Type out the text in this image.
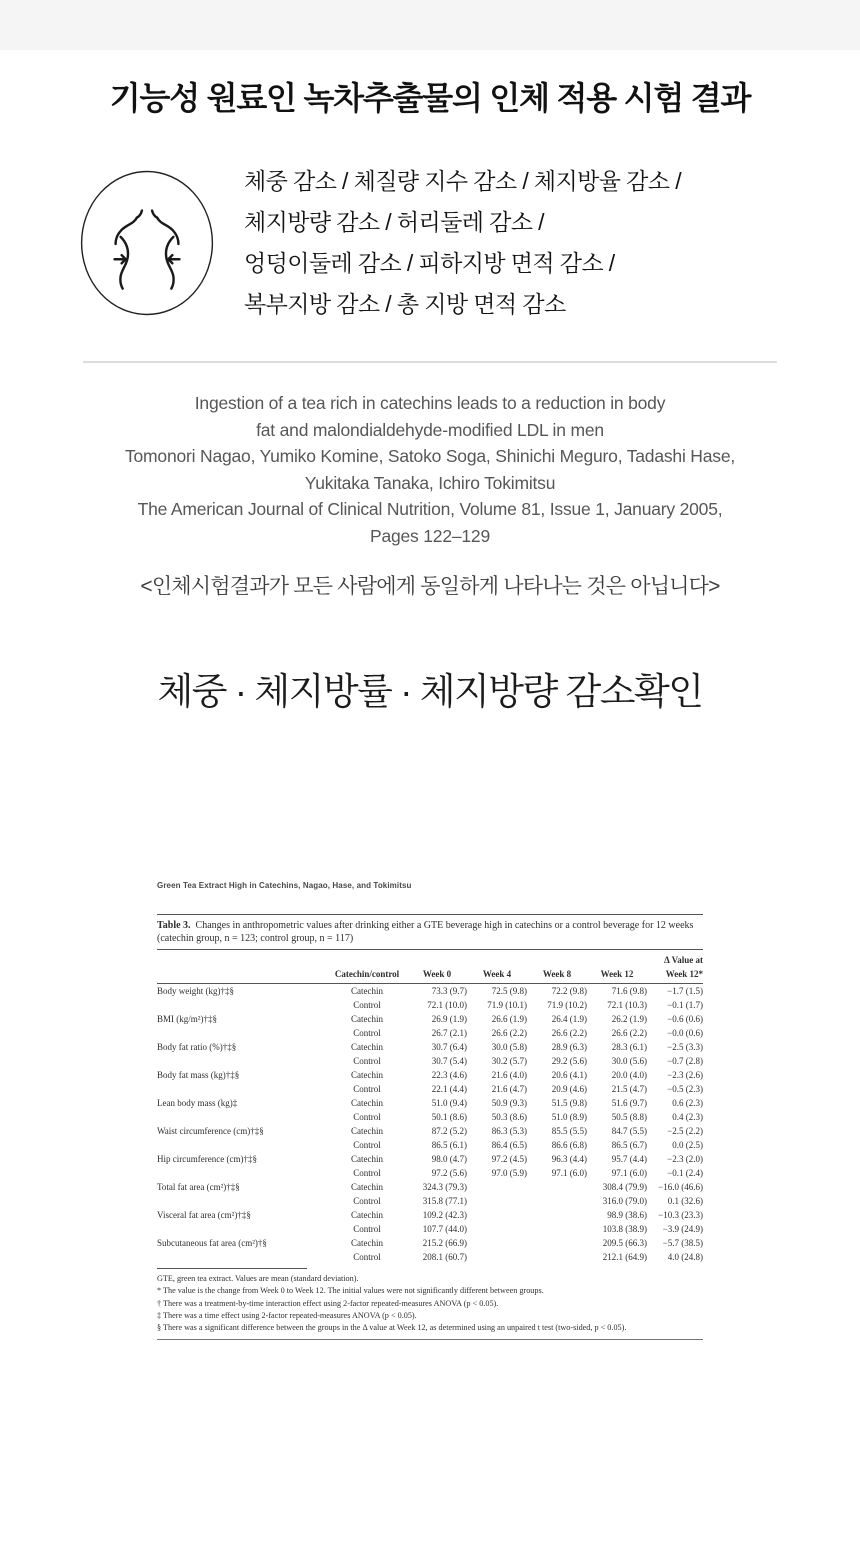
기능성 원료인 녹차추출물의 인체 적용 시험 결과
체중 감소 / 체질량 지수 감소 / 체지방율 감소 /
체지방량 감소 / 허리둘레 감소 /
엉덩이둘레 감소 / 피하지방 면적 감소 /
복부지방 감소 / 총 지방 면적 감소
Ingestion of a tea rich in catechins leads to a reduction in body
fat and malondialdehyde-modified LDL in men
Tomonori Nagao, Yumiko Komine, Satoko Soga, Shinichi Meguro, Tadashi Hase,
Yukitaka Tanaka, Ichiro Tokimitsu
The American Journal of Clinical Nutrition, Volume 81, Issue 1, January 2005,
Pages 122–129
<인체시험결과가 모든 사람에게 동일하게 나타나는 것은 아닙니다>
체중 · 체지방률 · 체지방량 감소확인
Green Tea Extract High in Catechins, Nagao, Hase, and Tokimitsu

Table 3. Changes in anthropometric values after drinking either a GTE beverage high in catechins or a control beverage for 12 weeks (catechin group, n = 123; control group, n = 117)

	Catechin/control	Week 0	Week 4	Week 8	Week 12	Δ Value at
Week 12*

Body weight (kg)†‡§	Catechin	73.3 (9.7)	72.5 (9.8)	72.2 (9.8)	71.6 (9.8)	−1.7 (1.5)
	Control	72.1 (10.0)	71.9 (10.1)	71.9 (10.2)	72.1 (10.3)	−0.1 (1.7)
BMI (kg/m²)†‡§	Catechin	26.9 (1.9)	26.6 (1.9)	26.4 (1.9)	26.2 (1.9)	−0.6 (0.6)
	Control	26.7 (2.1)	26.6 (2.2)	26.6 (2.2)	26.6 (2.2)	−0.0 (0.6)
Body fat ratio (%)†‡§	Catechin	30.7 (6.4)	30.0 (5.8)	28.9 (6.3)	28.3 (6.1)	−2.5 (3.3)
	Control	30.7 (5.4)	30.2 (5.7)	29.2 (5.6)	30.0 (5.6)	−0.7 (2.8)
Body fat mass (kg)†‡§	Catechin	22.3 (4.6)	21.6 (4.0)	20.6 (4.1)	20.0 (4.0)	−2.3 (2.6)
	Control	22.1 (4.4)	21.6 (4.7)	20.9 (4.6)	21.5 (4.7)	−0.5 (2.3)
Lean body mass (kg)‡	Catechin	51.0 (9.4)	50.9 (9.3)	51.5 (9.8)	51.6 (9.7)	0.6 (2.3)
	Control	50.1 (8.6)	50.3 (8.6)	51.0 (8.9)	50.5 (8.8)	0.4 (2.3)
Waist circumference (cm)†‡§	Catechin	87.2 (5.2)	86.3 (5.3)	85.5 (5.5)	84.7 (5.5)	−2.5 (2.2)
	Control	86.5 (6.1)	86.4 (6.5)	86.6 (6.8)	86.5 (6.7)	0.0 (2.5)
Hip circumference (cm)†‡§	Catechin	98.0 (4.7)	97.2 (4.5)	96.3 (4.4)	95.7 (4.4)	−2.3 (2.0)
	Control	97.2 (5.6)	97.0 (5.9)	97.1 (6.0)	97.1 (6.0)	−0.1 (2.4)
Total fat area (cm²)†‡§	Catechin	324.3 (79.3)			308.4 (79.9)	−16.0 (46.6)
	Control	315.8 (77.1)			316.0 (79.0)	0.1 (32.6)
Visceral fat area (cm²)†‡§	Catechin	109.2 (42.3)			98.9 (38.6)	−10.3 (23.3)
	Control	107.7 (44.0)			103.8 (38.9)	−3.9 (24.9)
Subcutaneous fat area (cm²)†§	Catechin	215.2 (66.9)			209.5 (66.3)	−5.7 (38.5)
	Control	208.1 (60.7)			212.1 (64.9)	4.0 (24.8)
GTE, green tea extract. Values are mean (standard deviation).
* The value is the change from Week 0 to Week 12. The initial values were not significantly different between groups.
† There was a treatment-by-time interaction effect using 2-factor repeated-measures ANOVA (p < 0.05).
‡ There was a time effect using 2-factor repeated-measures ANOVA (p < 0.05).
§ There was a significant difference between the groups in the Δ value at Week 12, as determined using an unpaired t test (two-sided, p < 0.05).
